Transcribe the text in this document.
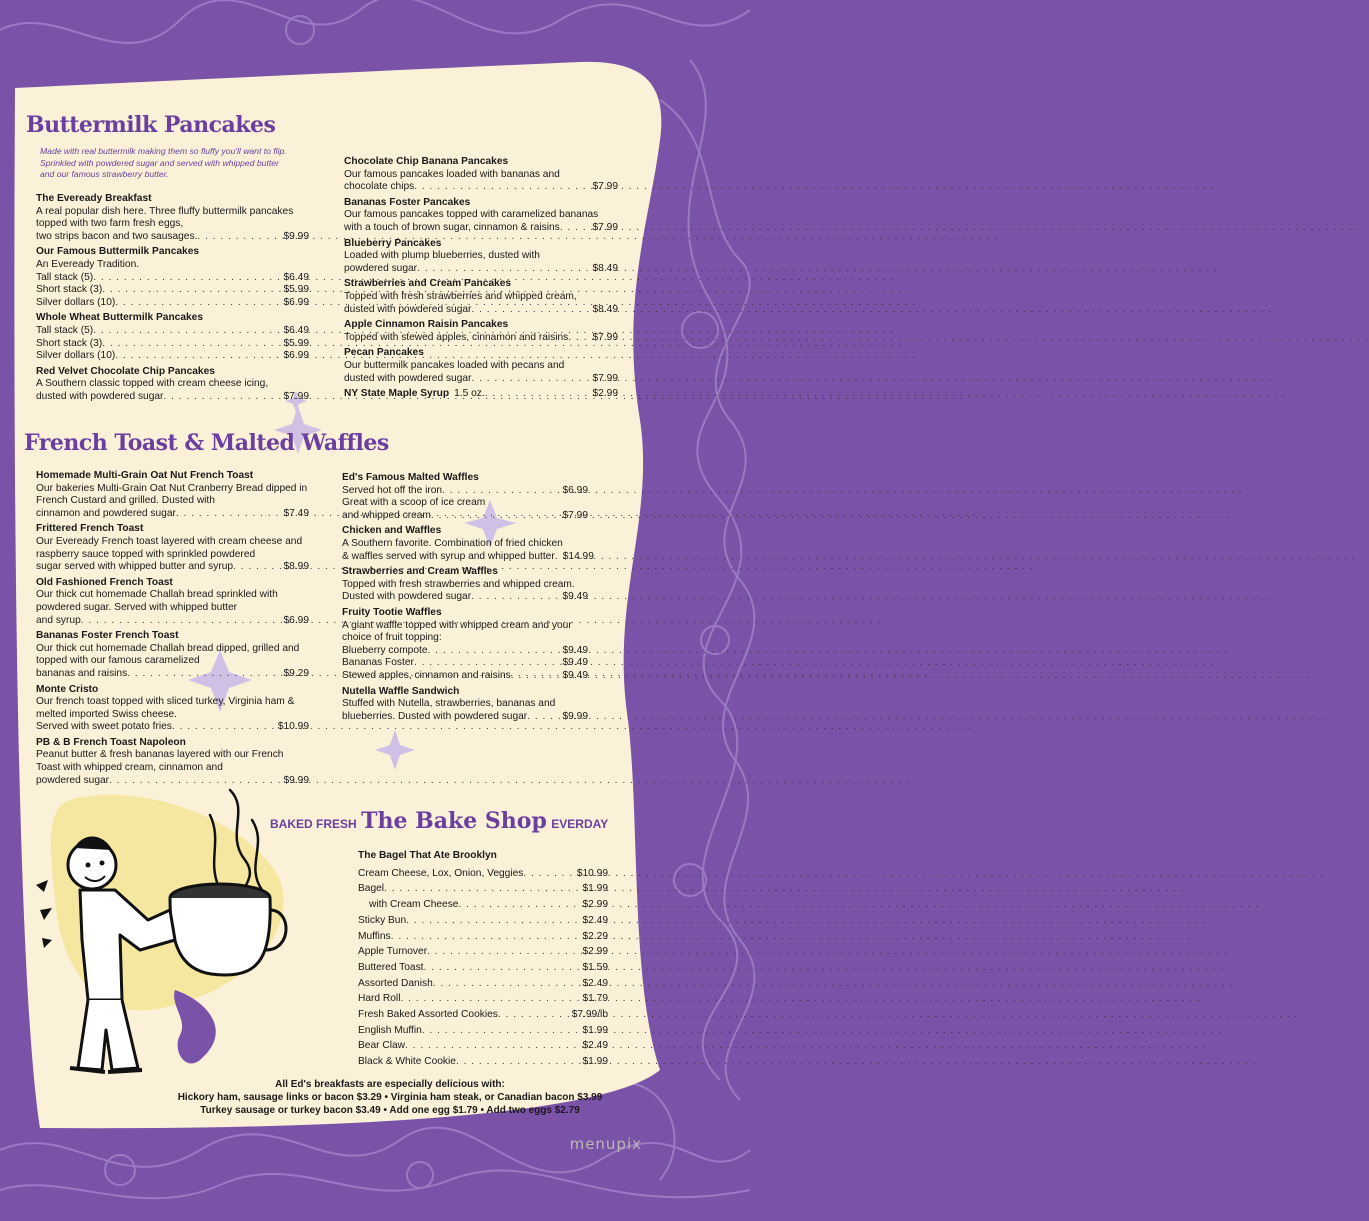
Buttermilk Pancakes
Made with real buttermilk making them so fluffy you'll want to flip. Sprinkled with powdered sugar and served with whipped butter and our famous strawberry butter.
The Eveready Breakfast
A real popular dish here. Three fluffy buttermilk pancakes topped with two farm fresh eggs,
two strips bacon and two sausages. . . .	$9.99
Our Famous Buttermilk Pancakes
An Eveready Tradition.
Tall stack (5) . . .	$6.49
Short stack (3) . . .	$5.99
Silver dollars (10) . . .	$6.99
Whole Wheat Buttermilk Pancakes
Tall stack (5) . . .	$6.49
Short stack (3) . . .	$5.99
Silver dollars (10) . . .	$6.99
Red Velvet Chocolate Chip Pancakes
A Southern classic topped with cream cheese icing,
dusted with powdered sugar . . .	$7.99
Chocolate Chip Banana Pancakes
Our famous pancakes loaded with bananas and
chocolate chips . . .	$7.99
Bananas Foster Pancakes
Our famous pancakes topped with caramelized bananas
with a touch of brown sugar, cinnamon & raisins . . .	$7.99
Blueberry Pancakes
Loaded with plump blueberries, dusted with
powdered sugar . . .	$8.49
Strawberries and Cream Pancakes
Topped with fresh strawberries and whipped cream,
dusted with powdered sugar . . .	$8.49
Apple Cinnamon Raisin Pancakes
Topped with stewed apples, cinnamon and raisins . . . $7.99
Pecan Pancakes
Our buttermilk pancakes loaded with pecans and
dusted with powdered sugar . . .	$7.99
NY State Maple Syrup 1.5 oz. . . .	$2.99
French Toast & Malted Waffles
Homemade Multi-Grain Oat Nut French Toast
Our bakeries Multi-Grain Oat Nut Cranberry Bread dipped in French Custard and grilled. Dusted with
cinnamon and powdered sugar . . .	$7.49
Frittered French Toast
Our Eveready French toast layered with cream cheese and raspberry sauce topped with sprinkled powdered
sugar served with whipped butter and syrup . . .	$8.99
Old Fashioned French Toast
Our thick cut homemade Challah bread sprinkled with powdered sugar. Served with whipped butter
and syrup . . .	$6.99
Bananas Foster French Toast
Our thick cut homemade Challah bread dipped, grilled and topped with our famous caramelized
bananas and raisins . . .	$9.29
Monte Cristo
Our french toast topped with sliced turkey, Virginia ham & melted imported Swiss cheese.
Served with sweet potato fries . . .	$10.99
PB & B French Toast Napoleon
Peanut butter & fresh bananas layered with our French Toast with whipped cream, cinnamon and
powdered sugar . . .	$9.99
Ed's Famous Malted Waffles
Served hot off the iron . . .	$6.99
Great with a scoop of ice cream
and whipped cream . . .	$7.99
Chicken and Waffles
A Southern favorite. Combination of fried chicken
& waffles served with syrup and whipped butter . . . $14.99
Strawberries and Cream Waffles
Topped with fresh strawberries and whipped cream.
Dusted with powdered sugar . . .	$9.49
Fruity Tootie Waffles
A giant waffle topped with whipped cream and your choice of fruit topping:
Blueberry compote . . .	$9.49
Bananas Foster . . .	$9.49
Stewed apples, cinnamon and raisins . . .	$9.49
Nutella Waffle Sandwich
Stuffed with Nutella, strawberries, bananas and
blueberries. Dusted with powdered sugar . . .	$9.99
BAKED FRESH The Bake Shop EVERDAY
The Bagel That Ate Brooklyn
Cream Cheese, Lox, Onion, Veggies . . .	$10.99
Bagel . . .	$1.99
with Cream Cheese . . .	$2.99
Sticky Bun . . .	$2.49
Muffins . . .	$2.29
Apple Turnover . . .	$2.99
Buttered Toast . . .	$1.59
Assorted Danish . . .	$2.49
Hard Roll . . .	$1.79
Fresh Baked Assorted Cookies . . .	$7.99/lb
English Muffin . . .	$1.99
Bear Claw . . .	$2.49
Black & White Cookie . . .	$1.99
All Ed's breakfasts are especially delicious with:
Hickory ham, sausage links or bacon $3.29 • Virginia ham steak, or Canadian bacon $3.99
Turkey sausage or turkey bacon $3.49 • Add one egg $1.79 • Add two eggs $2.79
menupix
